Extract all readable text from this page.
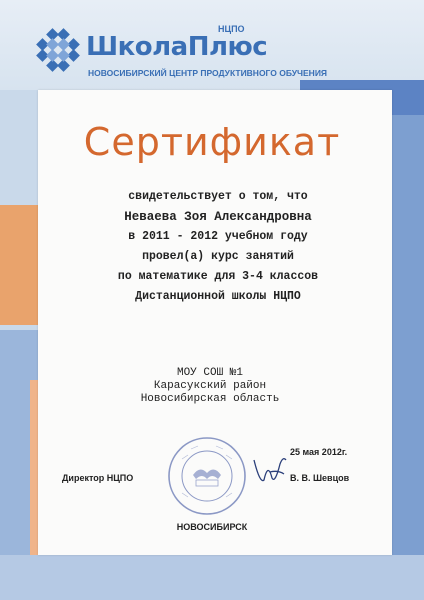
ШколаПлюс
НЦПО
НОВОСИБИРСКИЙ ЦЕНТР ПРОДУКТИВНОГО ОБУЧЕНИЯ
Сертификат
свидетельствует о том, что
Неваева Зоя Александровна
в 2011 - 2012 учебном году
провел(а) курс занятий
по математике для 3-4 классов
Дистанционной школы НЦПО
МОУ СОШ №1
Карасукский район
Новосибирская область
25 мая 2012г.
Директор НЦПО	В. В. Шевцов
НОВОСИБИРСК
